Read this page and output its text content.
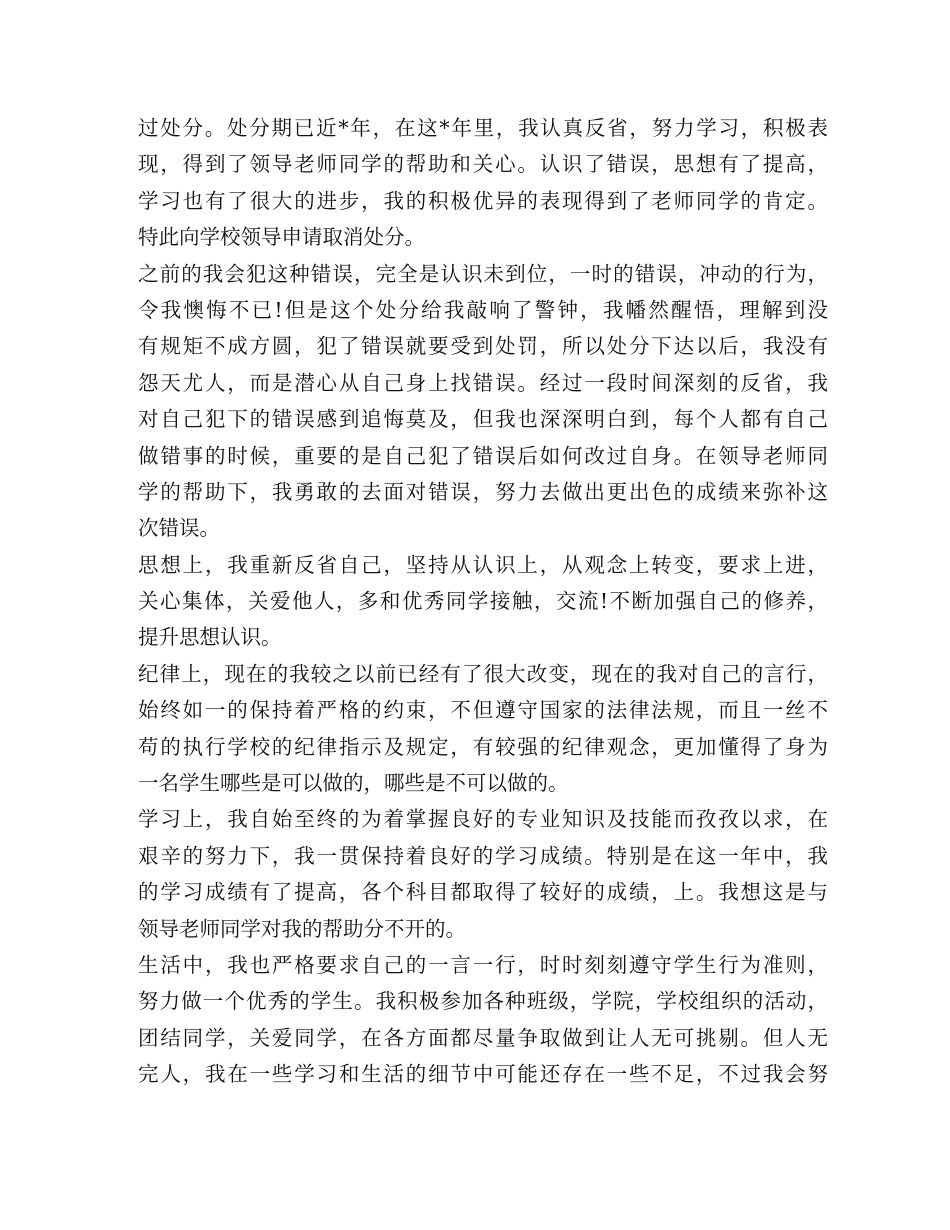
过处分。处分期已近*年，在这*年里，我认真反省，努力学习，积极表
现，得到了领导老师同学的帮助和关心。认识了错误，思想有了提高，
学习也有了很大的进步，我的积极优异的表现得到了老师同学的肯定。
特此向学校领导申请取消处分。
之前的我会犯这种错误，完全是认识未到位，一时的错误，冲动的行为，
令我懊悔不已!但是这个处分给我敲响了警钟，我幡然醒悟，理解到没
有规矩不成方圆，犯了错误就要受到处罚，所以处分下达以后，我没有
怨天尤人，而是潜心从自己身上找错误。经过一段时间深刻的反省，我
对自己犯下的错误感到追悔莫及，但我也深深明白到，每个人都有自己
做错事的时候，重要的是自己犯了错误后如何改过自身。在领导老师同
学的帮助下，我勇敢的去面对错误，努力去做出更出色的成绩来弥补这
次错误。
思想上，我重新反省自己，坚持从认识上，从观念上转变，要求上进，
关心集体，关爱他人，多和优秀同学接触，交流!不断加强自己的修养，
提升思想认识。
纪律上，现在的我较之以前已经有了很大改变，现在的我对自己的言行，
始终如一的保持着严格的约束，不但遵守国家的法律法规，而且一丝不
苟的执行学校的纪律指示及规定，有较强的纪律观念，更加懂得了身为
一名学生哪些是可以做的，哪些是不可以做的。
学习上，我自始至终的为着掌握良好的专业知识及技能而孜孜以求，在
艰辛的努力下，我一贯保持着良好的学习成绩。特别是在这一年中，我
的学习成绩有了提高，各个科目都取得了较好的成绩，上。我想这是与
领导老师同学对我的帮助分不开的。
生活中，我也严格要求自己的一言一行，时时刻刻遵守学生行为准则，
努力做一个优秀的学生。我积极参加各种班级，学院，学校组织的活动，
团结同学，关爱同学，在各方面都尽量争取做到让人无可挑剔。但人无
完人，我在一些学习和生活的细节中可能还存在一些不足，不过我会努
